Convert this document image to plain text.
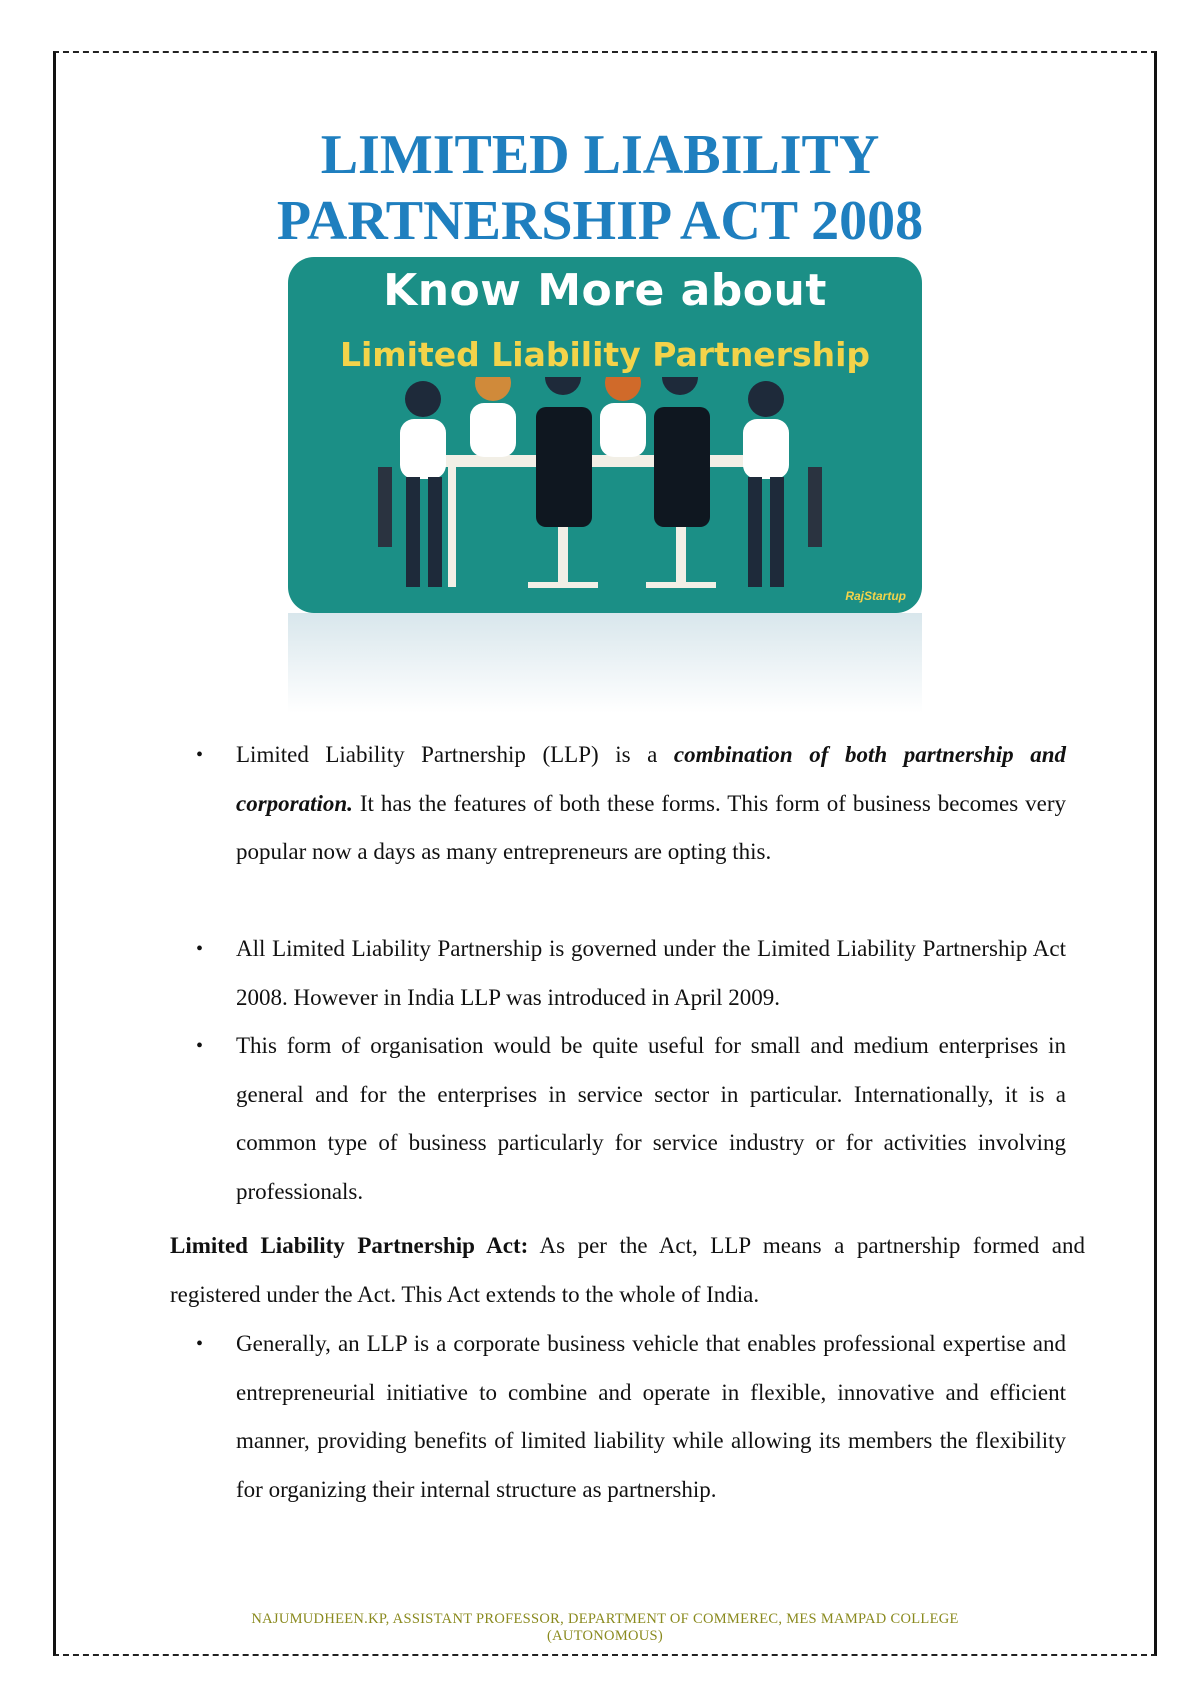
LIMITED LIABILITY
PARTNERSHIP ACT 2008
Know More about
Limited Liability Partnership
RajStartup
• Limited Liability Partnership (LLP) is a combination of both partnership and corporation. It has the features of both these forms. This form of business becomes very popular now a days as many entrepreneurs are opting this.

• All Limited Liability Partnership is governed under the Limited Liability Partnership Act 2008. However in India LLP was introduced in April 2009.

• This form of organisation would be quite useful for small and medium enterprises in general and for the enterprises in service sector in particular. Internationally, it is a common type of business particularly for service industry or for activities involving professionals.

Limited Liability Partnership Act: As per the Act, LLP means a partnership formed and registered under the Act. This Act extends to the whole of India.

• Generally, an LLP is a corporate business vehicle that enables professional expertise and entrepreneurial initiative to combine and operate in flexible, innovative and efficient manner, providing benefits of limited liability while allowing its members the flexibility for organizing their internal structure as partnership.

NAJUMUDHEEN.KP, ASSISTANT PROFESSOR, DEPARTMENT OF COMMEREC, MES MAMPAD COLLEGE
(AUTONOMOUS)
